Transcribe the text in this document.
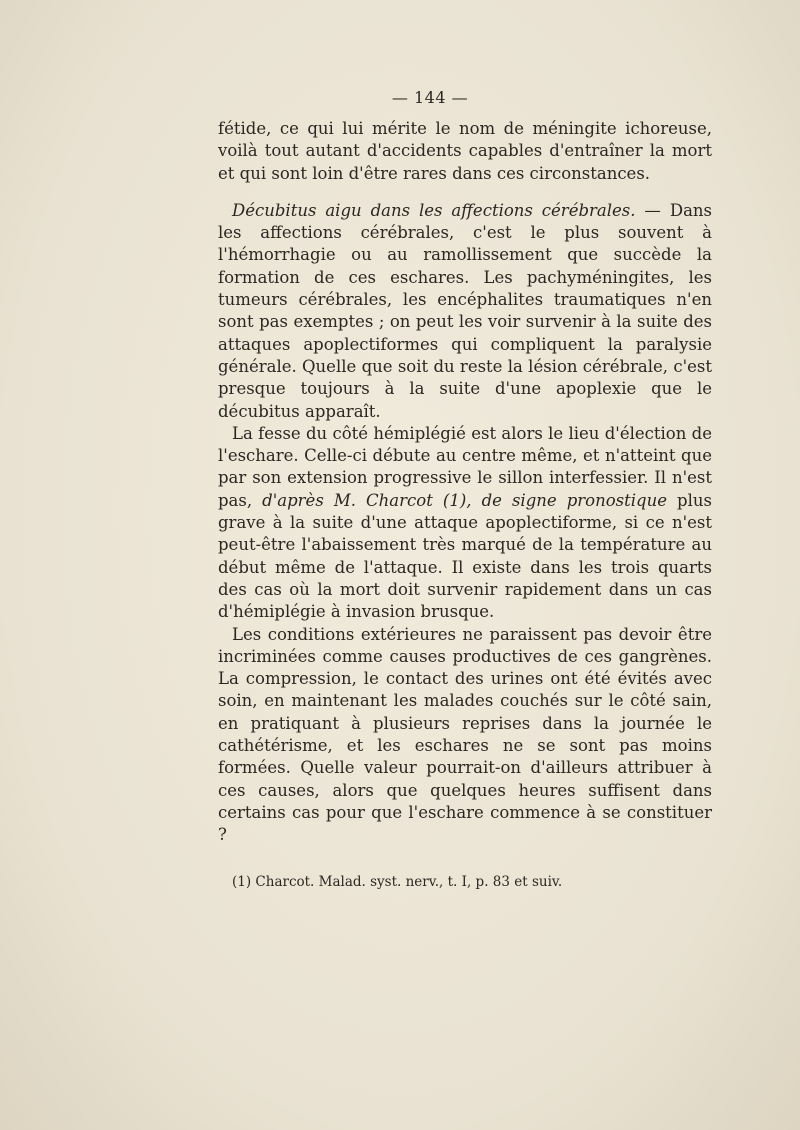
— 144 —

fétide, ce qui lui mérite le nom de méningite ichoreuse, voilà tout autant d'accidents capables d'entraîner la mort et qui sont loin d'être rares dans ces circonstances.

Décubitus aigu dans les affections cérébrales. — Dans les affections cérébrales, c'est le plus souvent à l'hémorrhagie ou au ramollissement que succède la formation de ces eschares. Les pachyméningites, les tumeurs cérébrales, les encéphalites traumatiques n'en sont pas exemptes ; on peut les voir survenir à la suite des attaques apoplectiformes qui compliquent la paralysie générale. Quelle que soit du reste la lésion cérébrale, c'est presque toujours à la suite d'une apoplexie que le décubitus apparaît.

La fesse du côté hémiplégié est alors le lieu d'élection de l'eschare. Celle-ci débute au centre même, et n'atteint que par son extension progressive le sillon interfessier. Il n'est pas, d'après M. Charcot (1), de signe pronostique plus grave à la suite d'une attaque apoplectiforme, si ce n'est peut-être l'abaissement très marqué de la température au début même de l'attaque. Il existe dans les trois quarts des cas où la mort doit survenir rapidement dans un cas d'hémiplégie à invasion brusque.

Les conditions extérieures ne paraissent pas devoir être incriminées comme causes productives de ces gangrènes. La compression, le contact des urines ont été évités avec soin, en maintenant les malades couchés sur le côté sain, en pratiquant à plusieurs reprises dans la journée le cathétérisme, et les eschares ne se sont pas moins formées. Quelle valeur pourrait-on d'ailleurs attribuer à ces causes, alors que quelques heures suffisent dans certains cas pour que l'eschare commence à se constituer ?

(1) Charcot. Malad. syst. nerv., t. I, p. 83 et suiv.
